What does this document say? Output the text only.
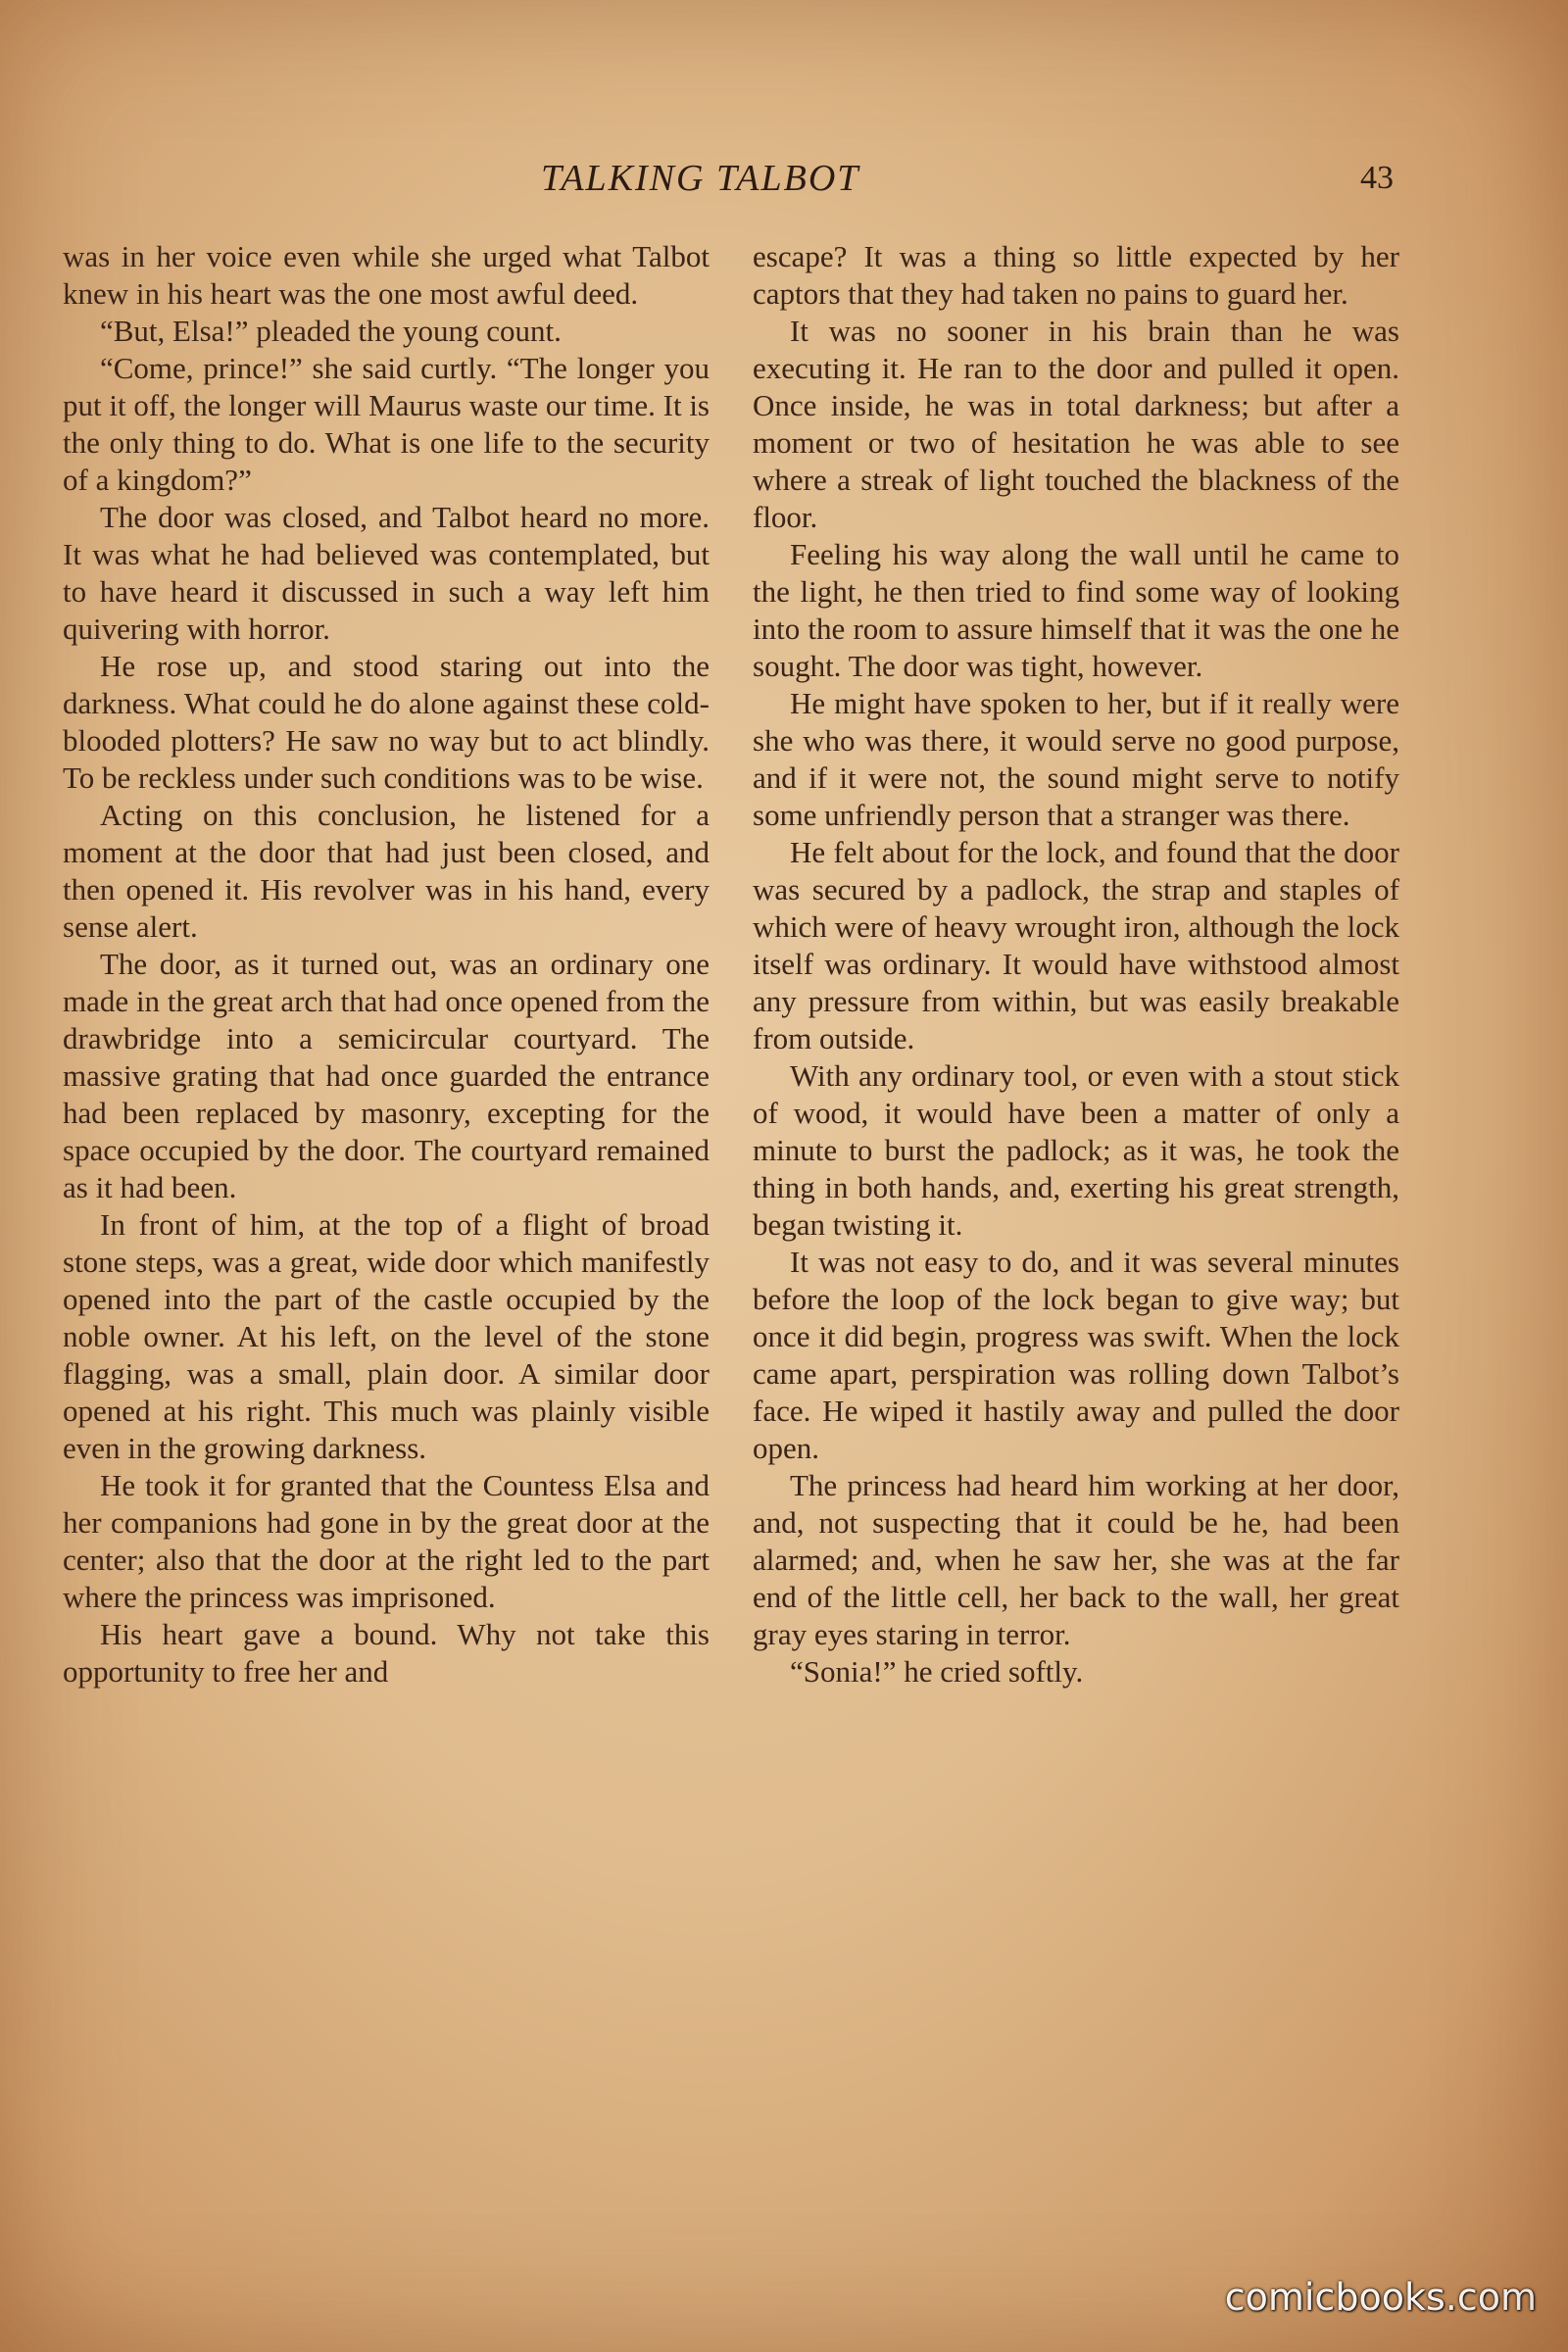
TALKING TALBOT	43

was in her voice even while she urged what Talbot knew in his heart was the one most awful deed.

“But, Elsa!” pleaded the young count.

“Come, prince!” she said curtly. “The longer you put it off, the longer will Maurus waste our time. It is the only thing to do. What is one life to the security of a kingdom?”

The door was closed, and Talbot heard no more. It was what he had believed was contemplated, but to have heard it discussed in such a way left him quivering with horror.

He rose up, and stood staring out into the darkness. What could he do alone against these cold-blooded plotters? He saw no way but to act blindly. To be reckless under such conditions was to be wise.

Acting on this conclusion, he listened for a moment at the door that had just been closed, and then opened it. His revolver was in his hand, every sense alert.

The door, as it turned out, was an ordinary one made in the great arch that had once opened from the drawbridge into a semicircular courtyard. The massive grating that had once guarded the entrance had been replaced by masonry, excepting for the space occupied by the door. The courtyard remained as it had been.

In front of him, at the top of a flight of broad stone steps, was a great, wide door which manifestly opened into the part of the castle occupied by the noble owner. At his left, on the level of the stone flagging, was a small, plain door. A similar door opened at his right. This much was plainly visible even in the growing darkness.

He took it for granted that the Countess Elsa and her companions had gone in by the great door at the center; also that the door at the right led to the part where the princess was imprisoned.

His heart gave a bound. Why not take this opportunity to free her and

escape? It was a thing so little expected by her captors that they had taken no pains to guard her.

It was no sooner in his brain than he was executing it. He ran to the door and pulled it open. Once inside, he was in total darkness; but after a moment or two of hesitation he was able to see where a streak of light touched the blackness of the floor.

Feeling his way along the wall until he came to the light, he then tried to find some way of looking into the room to assure himself that it was the one he sought. The door was tight, however.

He might have spoken to her, but if it really were she who was there, it would serve no good purpose, and if it were not, the sound might serve to notify some unfriendly person that a stranger was there.

He felt about for the lock, and found that the door was secured by a padlock, the strap and staples of which were of heavy wrought iron, although the lock itself was ordinary. It would have withstood almost any pressure from within, but was easily breakable from outside.

With any ordinary tool, or even with a stout stick of wood, it would have been a matter of only a minute to burst the padlock; as it was, he took the thing in both hands, and, exerting his great strength, began twisting it.

It was not easy to do, and it was several minutes before the loop of the lock began to give way; but once it did begin, progress was swift. When the lock came apart, perspiration was rolling down Talbot’s face. He wiped it hastily away and pulled the door open.

The princess had heard him working at her door, and, not suspecting that it could be he, had been alarmed; and, when he saw her, she was at the far end of the little cell, her back to the wall, her great gray eyes staring in terror.

“Sonia!” he cried softly.

comicbooks.com
